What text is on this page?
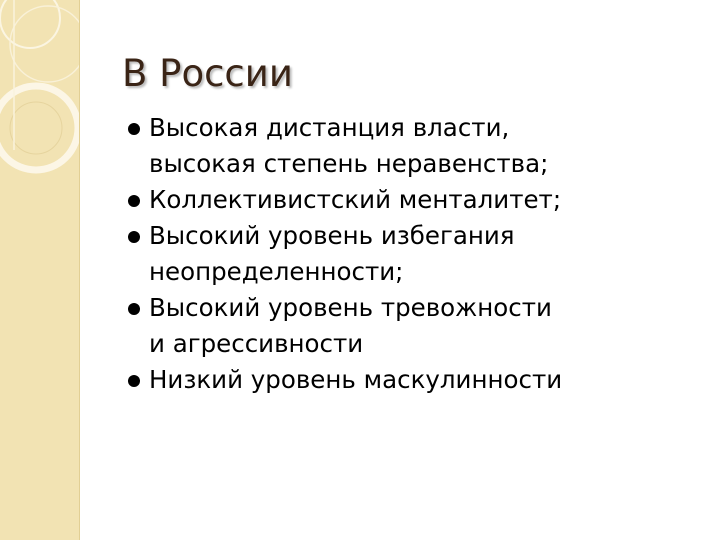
В России
Высокая дистанция власти,
высокая степень неравенства;
Коллективистский менталитет;
Высокий уровень избегания
неопределенности;
Высокий уровень тревожности
и агрессивности
Низкий уровень маскулинности
